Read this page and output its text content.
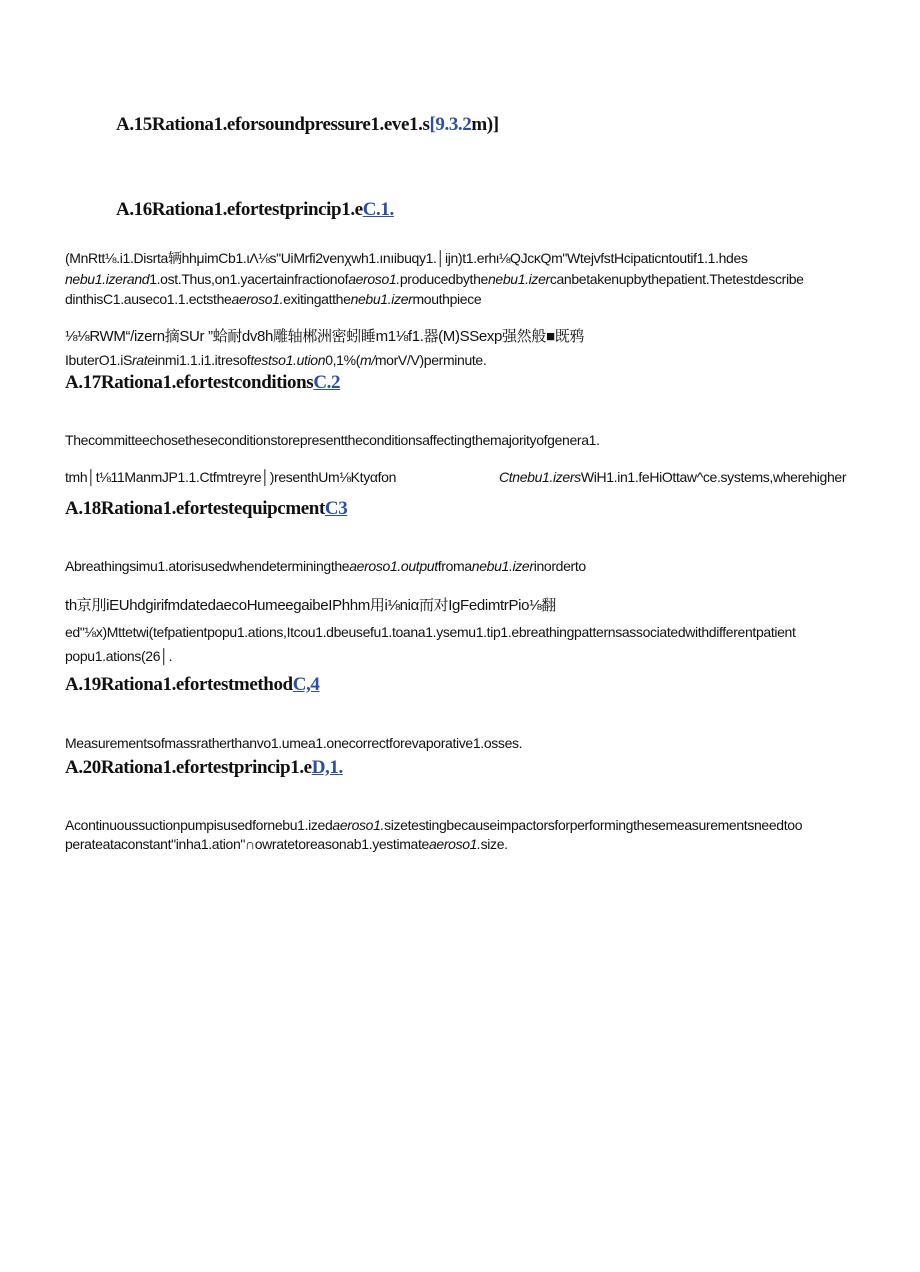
A.15Rationa1.eforsoundpressure1.eve1.s[9.3.2m)]
A.16Rationa1.efortestprincip1.eC.1.
(MnRtt⅛.i1.Disrta辆hhμimCb1.ιΛ⅛s"UiMrfi2venχwh1.ınıibuqy1.│ijn)t1.erhι⅛QJcκQm"WtejvfstHcipaticntoutif1.1.hdes
nebu1.izerand1.ost.Thus,on1.yacertainfractionofaeroso1.producedbythenebu1.izercanbetakenupbythepatient.Thetestdescribe
dinthisC1.auseco1.1.ectstheaeroso1.exitingatthenebu1.izermouthpiece
⅛⅛RWM“/izern摘SUr ”蛤耐dv8h雕轴郴洲密蚓睡m1⅛f1.器(M)SSexp强然般■既鸦
IbuterO1.iSrateinmi1.1.i1.itresoftestso1.ution0,1%(m/morV/V)perminute.
A.17Rationa1.efortestconditionsC.2
Thecommitteechosetheseconditionstorepresenttheconditionsaffectingthemajorityofgenera1.
tmh│t⅛11ManmJP1.1.Ctfmtreyre│)resenthUm⅛Ktyαfon	Ctnebu1.izersWiH1.in1.feHiOttaw^ce.systems,wherehigher
A.18Rationa1.efortestequipcmentC3
Abreathingsimu1.atorisusedwhendeterminingtheaeroso1.outputfromanebu1.izerinorderto
th京刖iEUhdgirifmdatedaecoHumeegaibeIPhhm用i⅛niα而对IgFedimtrPio⅛翻
ed"⅛x)Mttetwi(tefpatientpopu1.ations,Itcou1.dbeusefu1.toana1.ysemu1.tip1.ebreathingpatternsassociatedwithdifferentpatient
popu1.ations(26│.
A.19Rationa1.efortestmethodC,4
Measurementsofmassratherthanvo1.umea1.onecorrectforevaporative1.osses.
A.20Rationa1.efortestprincip1.eD,1.
Acontinuoussuctionpumpisusedfornebu1.izedaeroso1.sizetestingbecauseimpactorsforperformingthesemeasurementsneedtoo
perateataconstant"inha1.ation"∩owratetoreasonab1.yestimateaeroso1.size.
